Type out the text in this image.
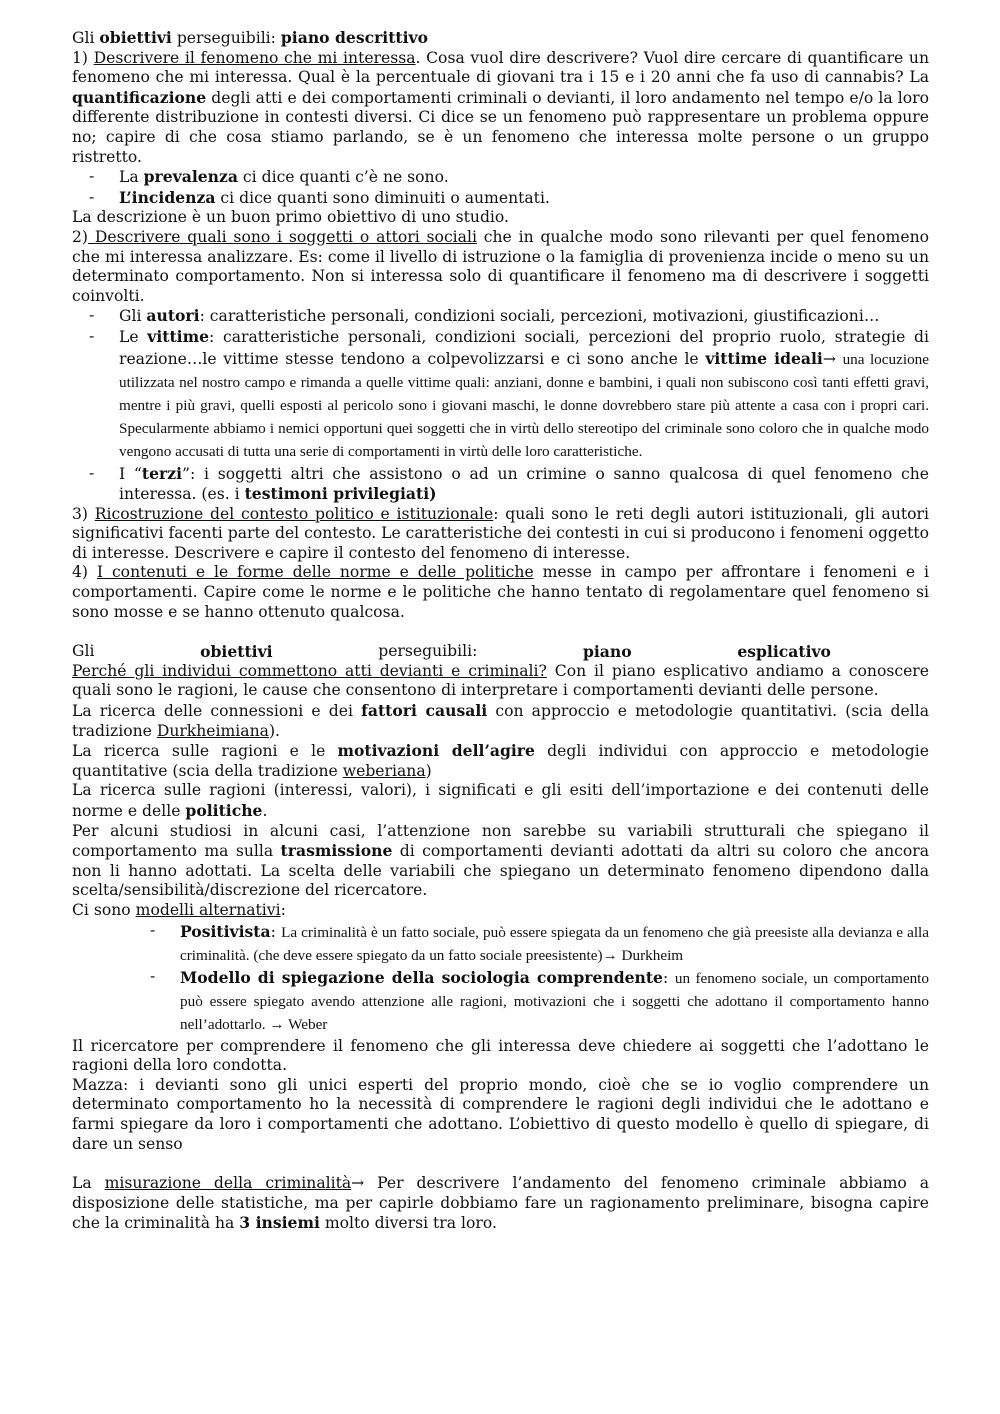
Gli obiettivi perseguibili: piano descrittivo

1) Descrivere il fenomeno che mi interessa. Cosa vuol dire descrivere? Vuol dire cercare di quantificare un fenomeno che mi interessa. Qual è la percentuale di giovani tra i 15 e i 20 anni che fa uso di cannabis? La quantificazione degli atti e dei comportamenti criminali o devianti, il loro andamento nel tempo e/o la loro differente distribuzione in contesti diversi. Ci dice se un fenomeno può rappresentare un problema oppure no; capire di che cosa stiamo parlando, se è un fenomeno che interessa molte persone o un gruppo ristretto.

- La prevalenza ci dice quanti c’è ne sono.
- L’incidenza ci dice quanti sono diminuiti o aumentati.

La descrizione è un buon primo obiettivo di uno studio.

2) Descrivere quali sono i soggetti o attori sociali che in qualche modo sono rilevanti per quel fenomeno che mi interessa analizzare. Es: come il livello di istruzione o la famiglia di provenienza incide o meno su un determinato comportamento. Non si interessa solo di quantificare il fenomeno ma di descrivere i soggetti coinvolti.

- Gli autori: caratteristiche personali, condizioni sociali, percezioni, motivazioni, giustificazioni…
- Le vittime: caratteristiche personali, condizioni sociali, percezioni del proprio ruolo, strategie di reazione…le vittime stesse tendono a colpevolizzarsi e ci sono anche le vittime ideali→ una locuzione utilizzata nel nostro campo e rimanda a quelle vittime quali: anziani, donne e bambini, i quali non subiscono così tanti effetti gravi, mentre i più gravi, quelli esposti al pericolo sono i giovani maschi, le donne dovrebbero stare più attente a casa con i propri cari. Specularmente abbiamo i nemici opportuni quei soggetti che in virtù dello stereotipo del criminale sono coloro che in qualche modo vengono accusati di tutta una serie di comportamenti in virtù delle loro caratteristiche.
- I “terzi”: i soggetti altri che assistono o ad un crimine o sanno qualcosa di quel fenomeno che interessa. (es. i testimoni privilegiati)

3) Ricostruzione del contesto politico e istituzionale: quali sono le reti degli autori istituzionali, gli autori significativi facenti parte del contesto. Le caratteristiche dei contesti in cui si producono i fenomeni oggetto di interesse. Descrivere e capire il contesto del fenomeno di interesse.

4) I contenuti e le forme delle norme e delle politiche messe in campo per affrontare i fenomeni e i comportamenti. Capire come le norme e le politiche che hanno tentato di regolamentare quel fenomeno si sono mosse e se hanno ottenuto qualcosa.

Gli	obiettivi	perseguibili:	piano	esplicativo

Perché gli individui commettono atti devianti e criminali? Con il piano esplicativo andiamo a conoscere quali sono le ragioni, le cause che consentono di interpretare i comportamenti devianti delle persone.

La ricerca delle connessioni e dei fattori causali con approccio e metodologie quantitativi. (scia della tradizione Durkheimiana).

La ricerca sulle ragioni e le motivazioni dell’agire degli individui con approccio e metodologie quantitative (scia della tradizione weberiana)

La ricerca sulle ragioni (interessi, valori), i significati e gli esiti dell’importazione e dei contenuti delle norme e delle politiche.

Per alcuni studiosi in alcuni casi, l’attenzione non sarebbe su variabili strutturali che spiegano il comportamento ma sulla trasmissione di comportamenti devianti adottati da altri su coloro che ancora non li hanno adottati. La scelta delle variabili che spiegano un determinato fenomeno dipendono dalla scelta/sensibilità/discrezione del ricercatore.

Ci sono modelli alternativi:

- Positivista: La criminalità è un fatto sociale, può essere spiegata da un fenomeno che già preesiste alla devianza e alla criminalità. (che deve essere spiegato da un fatto sociale preesistente)→ Durkheim
- Modello di spiegazione della sociologia comprendente: un fenomeno sociale, un comportamento può essere spiegato avendo attenzione alle ragioni, motivazioni che i soggetti che adottano il comportamento hanno nell’adottarlo. → Weber

Il ricercatore per comprendere il fenomeno che gli interessa deve chiedere ai soggetti che l’adottano le ragioni della loro condotta.

Mazza: i devianti sono gli unici esperti del proprio mondo, cioè che se io voglio comprendere un determinato comportamento ho la necessità di comprendere le ragioni degli individui che le adottano e farmi spiegare da loro i comportamenti che adottano. L’obiettivo di questo modello è quello di spiegare, di dare un senso

La misurazione della criminalità→ Per descrivere l’andamento del fenomeno criminale abbiamo a disposizione delle statistiche, ma per capirle dobbiamo fare un ragionamento preliminare, bisogna capire che la criminalità ha 3 insiemi molto diversi tra loro.
